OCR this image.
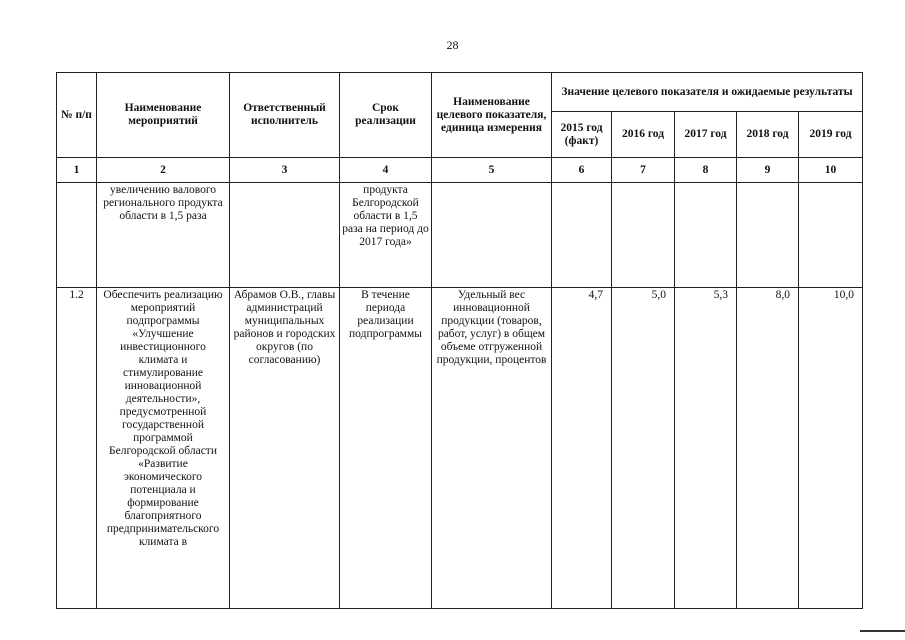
28
№ п/п	Наименование мероприятий	Ответственный исполнитель	Срок реализации	Наименование целевого показателя, единица измерения	Значение целевого показателя и ожидаемые результаты				
					2015 год (факт)	2016 год	2017 год	2018 год	2019 год
1	2	3	4	5	6	7	8	9	10
	увеличению валового регионального продукта области в 1,5 раза		продукта Белгородской области в 1,5 раза на период до 2017 года»						
1.2	Обеспечить реализацию мероприятий подпрограммы «Улучшение инвестиционного климата и стимулирование инновационной деятельности», предусмотренной государственной программой Белгородской области «Развитие экономического потенциала и формирование благоприятного предпринимательского климата в	Абрамов О.В., главы администраций муниципальных районов и городских округов (по согласованию)	В течение периода реализации подпрограммы	Удельный вес инновационной продукции (товаров, работ, услуг) в общем объеме отгруженной продукции, процентов	4,7	5,0	5,3	8,0	10,0
